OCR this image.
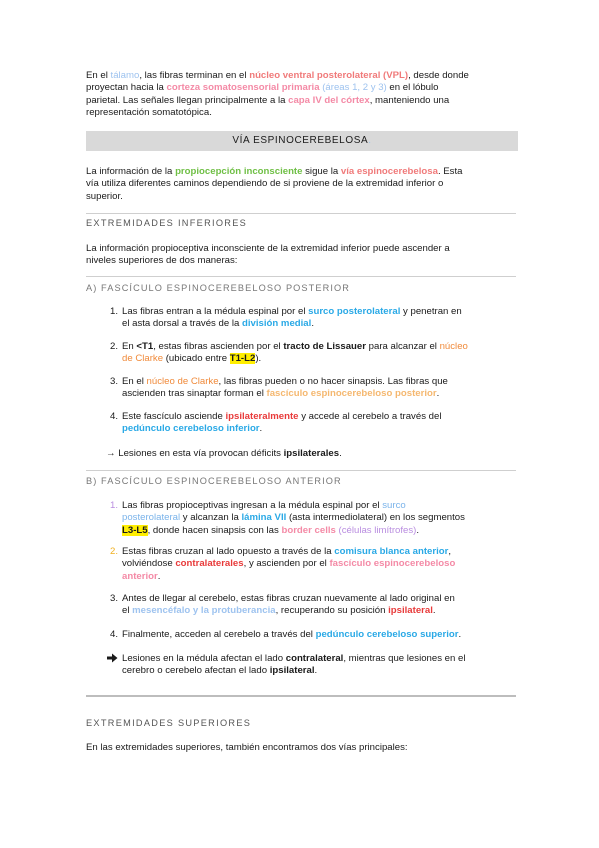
En el tálamo, las fibras terminan en el núcleo ventral posterolateral (VPL), desde donde
proyectan hacia la corteza somatosensorial primaria (áreas 1, 2 y 3) en el lóbulo
parietal. Las señales llegan principalmente a la capa IV del córtex, manteniendo una
representación somatotópica.

VÍA ESPINOCEREBELOSA.

La información de la propiocepción inconsciente sigue la vía espinocerebelosa. Esta
vía utiliza diferentes caminos dependiendo de si proviene de la extremidad inferior o
superior.

EXTREMIDADES INFERIORES

La información propioceptiva inconsciente de la extremidad inferior puede ascender a
niveles superiores de dos maneras:

A) FASCÍCULO ESPINOCEREBELOSO POSTERIOR
1. Las fibras entran a la médula espinal por el surco posterolateral y penetran en
el asta dorsal a través de la división medial.
2. En <T1, estas fibras ascienden por el tracto de Lissauer para alcanzar el núcleo
de Clarke (ubicado entre T1-L2).
3. En el núcleo de Clarke, las fibras pueden o no hacer sinapsis. Las fibras que
ascienden tras sinaptar forman el fascículo espinocerebeloso posterior.
4. Este fascículo asciende ipsilateralmente y accede al cerebelo a través del
pedúnculo cerebeloso inferior.

→ Lesiones en esta vía provocan déficits ipsilaterales.

B) FASCÍCULO ESPINOCEREBELOSO ANTERIOR
1. Las fibras propioceptivas ingresan a la médula espinal por el surco
posterolateral y alcanzan la lámina VII (asta intermediolateral) en los segmentos
L3-L5, donde hacen sinapsis con las border cells (células limítrofes).
2. Estas fibras cruzan al lado opuesto a través de la comisura blanca anterior,
volviéndose contralaterales, y ascienden por el fascículo espinocerebeloso
anterior.
3. Antes de llegar al cerebelo, estas fibras cruzan nuevamente al lado original en
el mesencéfalo y la protuberancia, recuperando su posición ipsilateral.
4. Finalmente, acceden al cerebelo a través del pedúnculo cerebeloso superior.
Lesiones en la médula afectan el lado contralateral, mientras que lesiones en el
cerebro o cerebelo afectan el lado ipsilateral.
EXTREMIDADES SUPERIORES

En las extremidades superiores, también encontramos dos vías principales:
